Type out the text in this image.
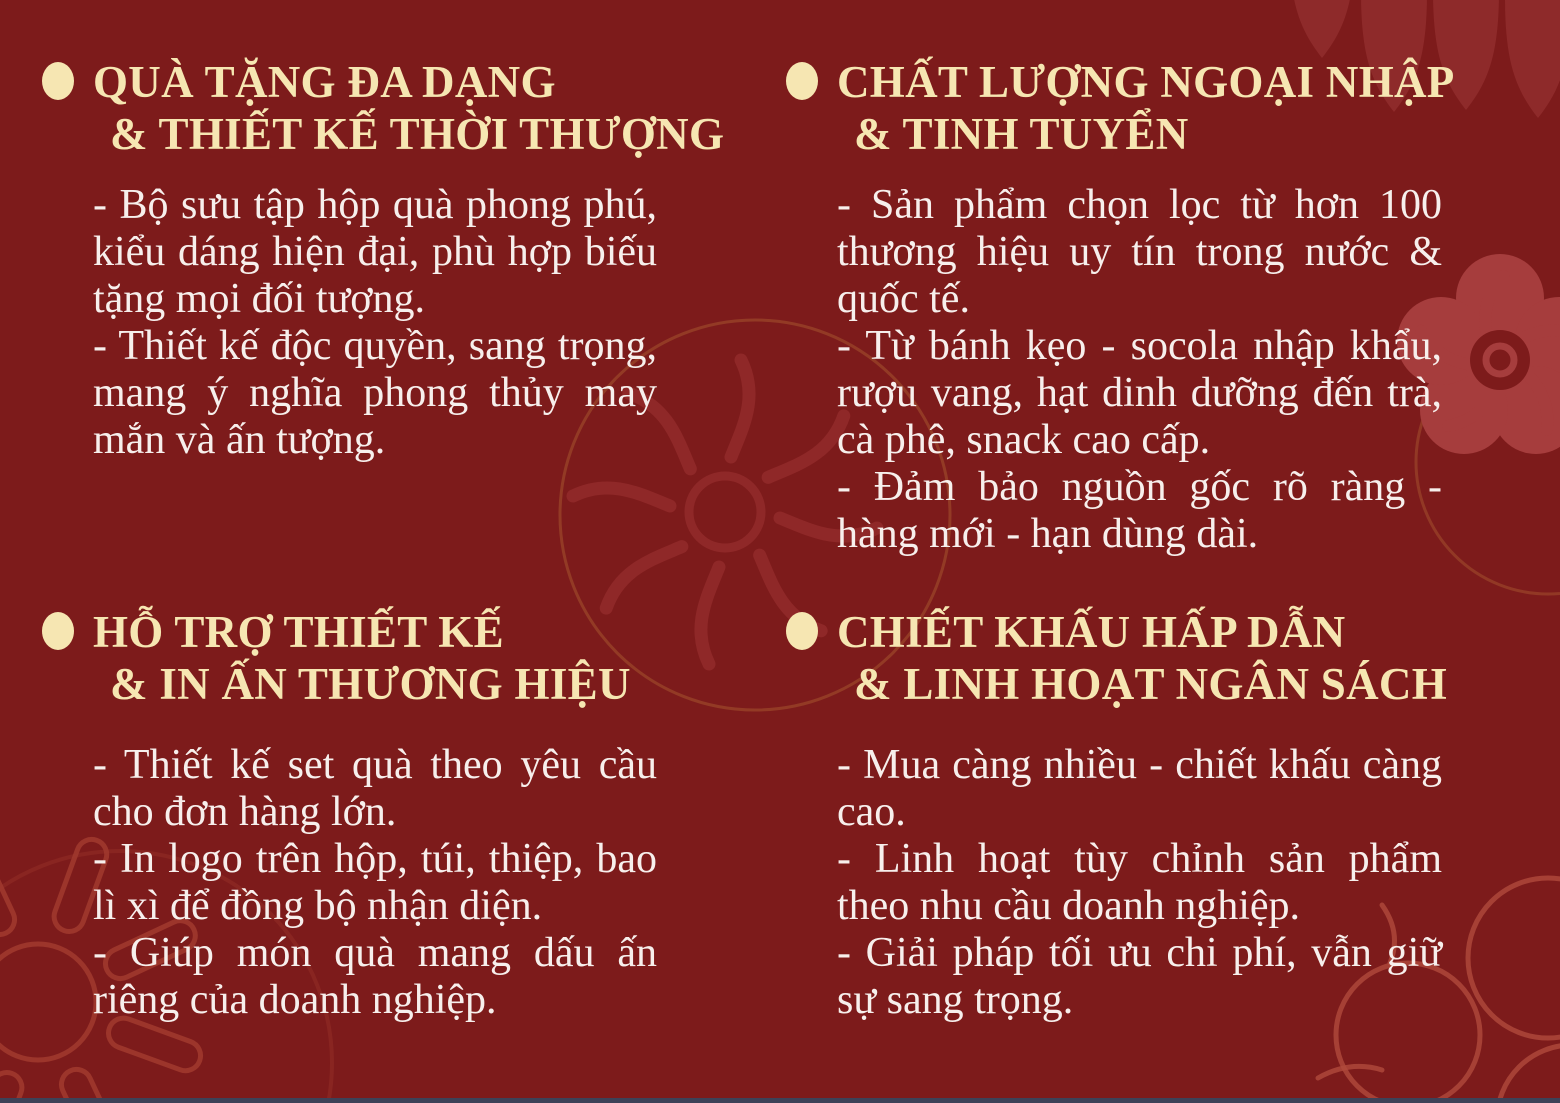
QUÀ TẶNG ĐA DẠNG
& THIẾT KẾ THỜI THƯỢNG

- Bộ sưu tập hộp quà phong phú, kiểu dáng hiện đại, phù hợp biếu tặng mọi đối tượng.

- Thiết kế độc quyền, sang trọng, mang ý nghĩa phong thủy may mắn và ấn tượng.

CHẤT LƯỢNG NGOẠI NHẬP
& TINH TUYỂN

- Sản phẩm chọn lọc từ hơn 100 thương hiệu uy tín trong nước & quốc tế.

- Từ bánh kẹo - socola nhập khẩu, rượu vang, hạt dinh dưỡng đến trà, cà phê, snack cao cấp.

- Đảm bảo nguồn gốc rõ ràng - hàng mới - hạn dùng dài.

HỖ TRỢ THIẾT KẾ
& IN ẤN THƯƠNG HIỆU

- Thiết kế set quà theo yêu cầu cho đơn hàng lớn.

- In logo trên hộp, túi, thiệp, bao lì xì để đồng bộ nhận diện.

- Giúp món quà mang dấu ấn riêng của doanh nghiệp.

CHIẾT KHẤU HẤP DẪN
& LINH HOẠT NGÂN SÁCH

- Mua càng nhiều - chiết khấu càng cao.

- Linh hoạt tùy chỉnh sản phẩm theo nhu cầu doanh nghiệp.

- Giải pháp tối ưu chi phí, vẫn giữ sự sang trọng.
